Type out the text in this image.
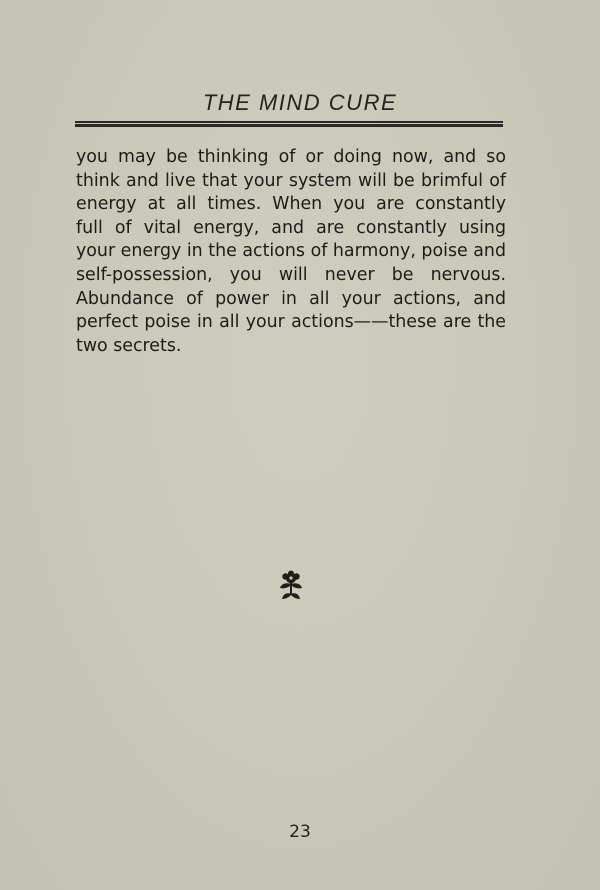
THE MIND CURE
you may be thinking of or doing now, and so
think and live that your system will be brimful of
energy at all times. When you are constantly
full of vital energy, and are constantly using
your energy in the actions of harmony, poise and
self-possession, you will never be nervous.
Abundance of power in all your actions, and
perfect poise in all your actions——these are the
two secrets.
23
